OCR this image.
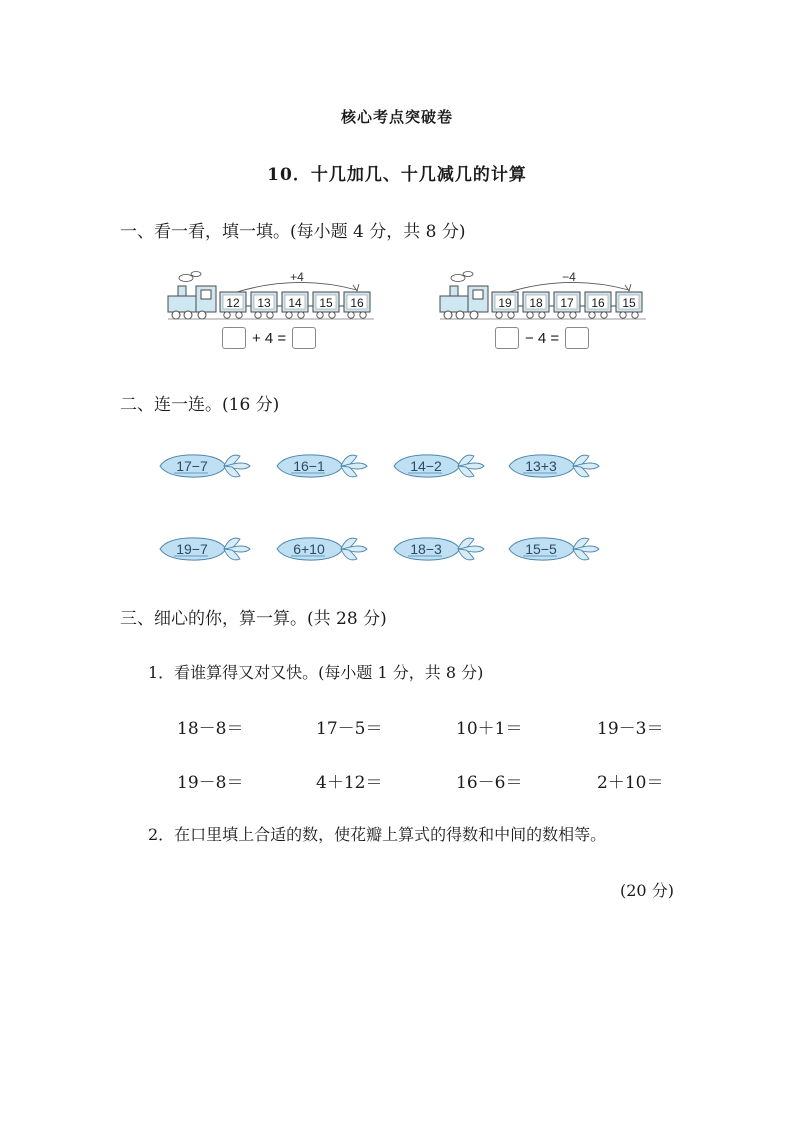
核心考点突破卷
10．十几加几、十几减几的计算
一、看一看，填一填。(每小题 4 分，共 8 分)
12 13 14 15 16
+4
+ 4 =
19 18 17 16 15
−4
− 4 =
二、连一连。(16 分)
17−7	16−1	14−2	13+3
19−7	6+10	18−3	15−5
三、细心的你，算一算。(共 28 分)
1．看谁算得又对又快。(每小题 1 分，共 8 分)
18－8＝	17－5＝	10＋1＝	19－3＝
19－8＝	4＋12＝	16－6＝	2＋10＝
2．在口里填上合适的数，使花瓣上算式的得数和中间的数相等。
(20 分)
